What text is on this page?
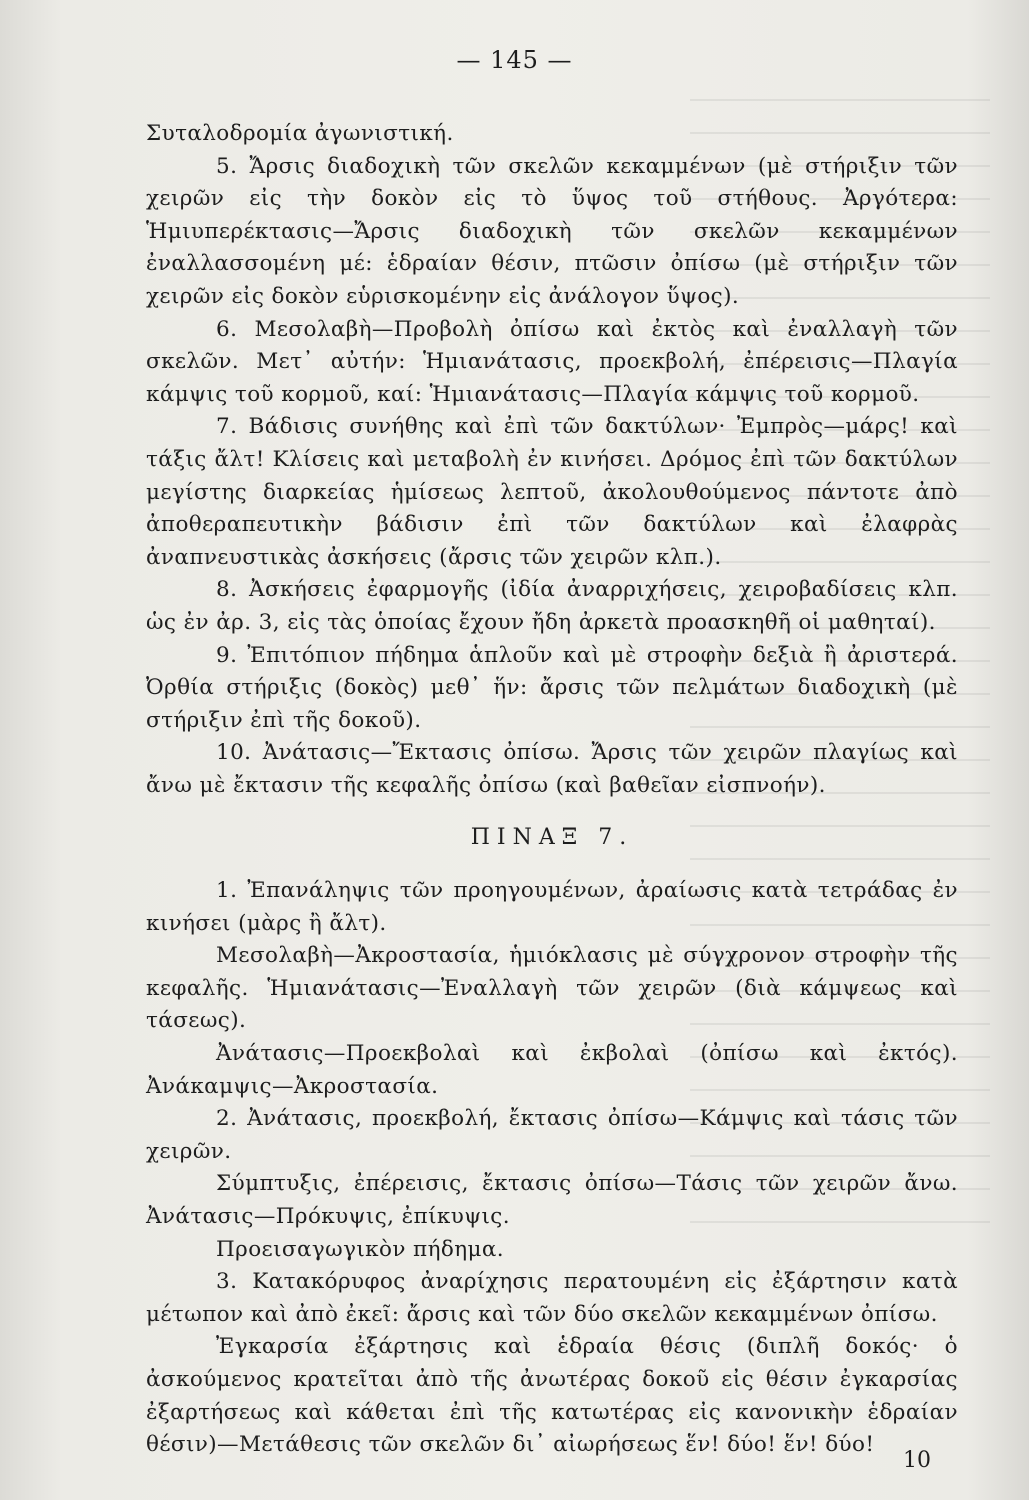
— 145 —

Συταλοδρομία ἀγωνιστική.

5. Ἄρσις διαδοχικὴ τῶν σκελῶν κεκαμμένων (μὲ στήριξιν τῶν χειρῶν εἰς τὴν δοκὸν εἰς τὸ ὕψος τοῦ στήθους. Ἀργότερα: Ἡμιυπερέκτασις—Ἄρσις διαδοχικὴ τῶν σκελῶν κεκαμμένων ἐναλλασσομένη μέ: ἑδραίαν θέσιν, πτῶσιν ὀπίσω (μὲ στήριξιν τῶν χειρῶν εἰς δοκὸν εὑρισκομένην εἰς ἀνάλογον ὕψος).

6. Μεσολαβὴ—Προβολὴ ὀπίσω καὶ ἐκτὸς καὶ ἐναλλαγὴ τῶν σκελῶν. Μετ᾽ αὐτήν: Ἡμιανάτασις, προεκβολή, ἐπέρεισις—Πλαγία κάμψις τοῦ κορμοῦ, καί: Ἡμιανάτασις—Πλαγία κάμψις τοῦ κορμοῦ.

7. Βάδισις συνήθης καὶ ἐπὶ τῶν δακτύλων· Ἐμπρὸς—μάρς! καὶ τάξις ἄλτ! Κλίσεις καὶ μεταβολὴ ἐν κινήσει. Δρόμος ἐπὶ τῶν δακτύλων μεγίστης διαρκείας ἡμίσεως λεπτοῦ, ἀκολουθούμενος πάντοτε ἀπὸ ἀποθεραπευτικὴν βάδισιν ἐπὶ τῶν δακτύλων καὶ ἐλαφρὰς ἀναπνευστικὰς ἀσκήσεις (ἄρσις τῶν χειρῶν κλπ.).

8. Ἀσκήσεις ἐφαρμογῆς (ἰδία ἀναρριχήσεις, χειροβαδίσεις κλπ. ὡς ἐν ἀρ. 3, εἰς τὰς ὁποίας ἔχουν ἤδη ἀρκετὰ προασκηθῆ οἱ μαθηταί).

9. Ἐπιτόπιον πήδημα ἁπλοῦν καὶ μὲ στροφὴν δεξιὰ ἢ ἀριστερά. Ὀρθία στήριξις (δοκὸς) μεθ᾽ ἥν: ἄρσις τῶν πελμάτων διαδοχικὴ (μὲ στήριξιν ἐπὶ τῆς δοκοῦ).

10. Ἀνάτασις—Ἔκτασις ὀπίσω. Ἄρσις τῶν χειρῶν πλαγίως καὶ ἄνω μὲ ἔκτασιν τῆς κεφαλῆς ὀπίσω (καὶ βαθεῖαν εἰσπνοήν).

ΠΙΝΑΞ 7.

1. Ἐπανάληψις τῶν προηγουμένων, ἀραίωσις κατὰ τετράδας ἐν κινήσει (μὰρς ἢ ἄλτ).

Μεσολαβὴ—Ἀκροστασία, ἡμιόκλασις μὲ σύγχρονον στροφὴν τῆς κεφαλῆς. Ἡμιανάτασις—Ἐναλλαγὴ τῶν χειρῶν (διὰ κάμψεως καὶ τάσεως).

Ἀνάτασις—Προεκβολαὶ καὶ ἐκβολαὶ (ὀπίσω καὶ ἐκτός). Ἀνάκαμψις—Ἀκροστασία.

2. Ἀνάτασις, προεκβολή, ἔκτασις ὀπίσω—Κάμψις καὶ τάσις τῶν χειρῶν.

Σύμπτυξις, ἐπέρεισις, ἔκτασις ὀπίσω—Τάσις τῶν χειρῶν ἄνω. Ἀνάτασις—Πρόκυψις, ἐπίκυψις.

Προεισαγωγικὸν πήδημα.

3. Κατακόρυφος ἀναρίχησις περατουμένη εἰς ἐξάρτησιν κατὰ μέτωπον καὶ ἀπὸ ἐκεῖ: ἄρσις καὶ τῶν δύο σκελῶν κεκαμμένων ὀπίσω.

Ἐγκαρσία ἐξάρτησις καὶ ἑδραία θέσις (διπλῆ δοκός· ὁ ἀσκούμενος κρατεῖται ἀπὸ τῆς ἀνωτέρας δοκοῦ εἰς θέσιν ἐγκαρσίας ἐξαρτήσεως καὶ κάθεται ἐπὶ τῆς κατωτέρας εἰς κανονικὴν ἑδραίαν θέσιν)—Μετάθεσις τῶν σκελῶν δι᾽ αἰωρήσεως ἕν! δύο! ἕν! δύο!

10
